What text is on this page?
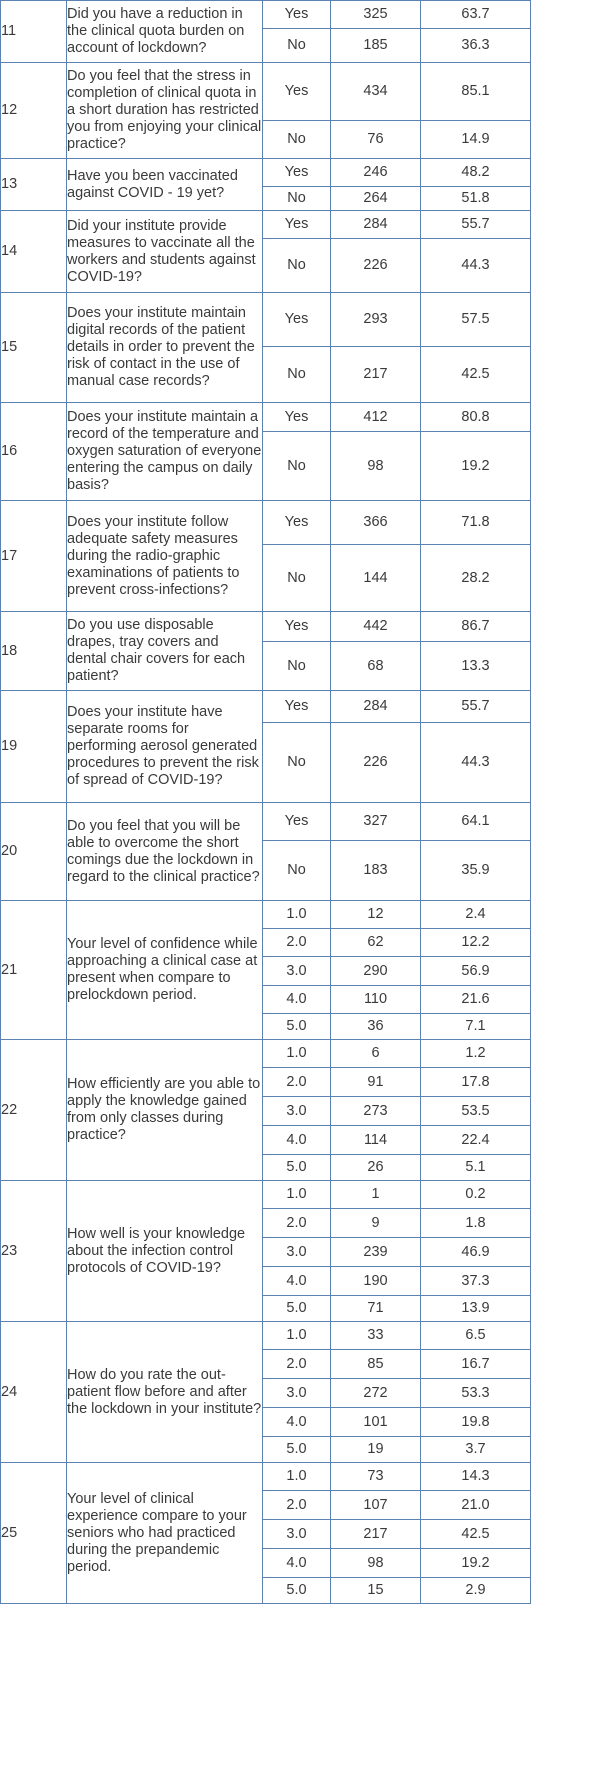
11	Did you have a reduction in the clinical quota burden on account of lockdown?	Yes	325	63.7
		No	185	36.3
12	Do you feel that the stress in completion of clinical quota in a short duration has restricted you from enjoying your clinical practice?	Yes	434	85.1
		No	76	14.9
13	Have you been vaccinated against COVID - 19 yet?	Yes	246	48.2
		No	264	51.8
14	Did your institute provide measures to vaccinate all the workers and students against COVID-19?	Yes	284	55.7
		No	226	44.3
15	Does your institute maintain digital records of the patient details in order to prevent the risk of contact in the use of manual case records?	Yes	293	57.5
		No	217	42.5
16	Does your institute maintain a record of the temperature and oxygen saturation of everyone entering the campus on daily basis?	Yes	412	80.8
		No	98	19.2
17	Does your institute follow adequate safety measures during the radio-graphic examinations of patients to prevent cross-infections?	Yes	366	71.8
		No	144	28.2
18	Do you use disposable drapes, tray covers and dental chair covers for each patient?	Yes	442	86.7
		No	68	13.3
19	Does your institute have separate rooms for performing aerosol generated procedures to prevent the risk of spread of COVID-19?	Yes	284	55.7
		No	226	44.3
20	Do you feel that you will be able to overcome the short comings due the lockdown in regard to the clinical practice?	Yes	327	64.1
		No	183	35.9
21	Your level of confidence while approaching a clinical case at present when compare to prelockdown period.	1.0	12	2.4
		2.0	62	12.2
		3.0	290	56.9
		4.0	110	21.6
		5.0	36	7.1
22	How efficiently are you able to apply the knowledge gained from only classes during practice?	1.0	6	1.2
		2.0	91	17.8
		3.0	273	53.5
		4.0	114	22.4
		5.0	26	5.1
23	How well is your knowledge about the infection control protocols of COVID-19?	1.0	1	0.2
		2.0	9	1.8
		3.0	239	46.9
		4.0	190	37.3
		5.0	71	13.9
24	How do you rate the out-patient flow before and after the lockdown in your institute?	1.0	33	6.5
		2.0	85	16.7
		3.0	272	53.3
		4.0	101	19.8
		5.0	19	3.7
25	Your level of clinical experience compare to your seniors who had practiced during the prepandemic period.	1.0	73	14.3
		2.0	107	21.0
		3.0	217	42.5
		4.0	98	19.2
		5.0	15	2.9
